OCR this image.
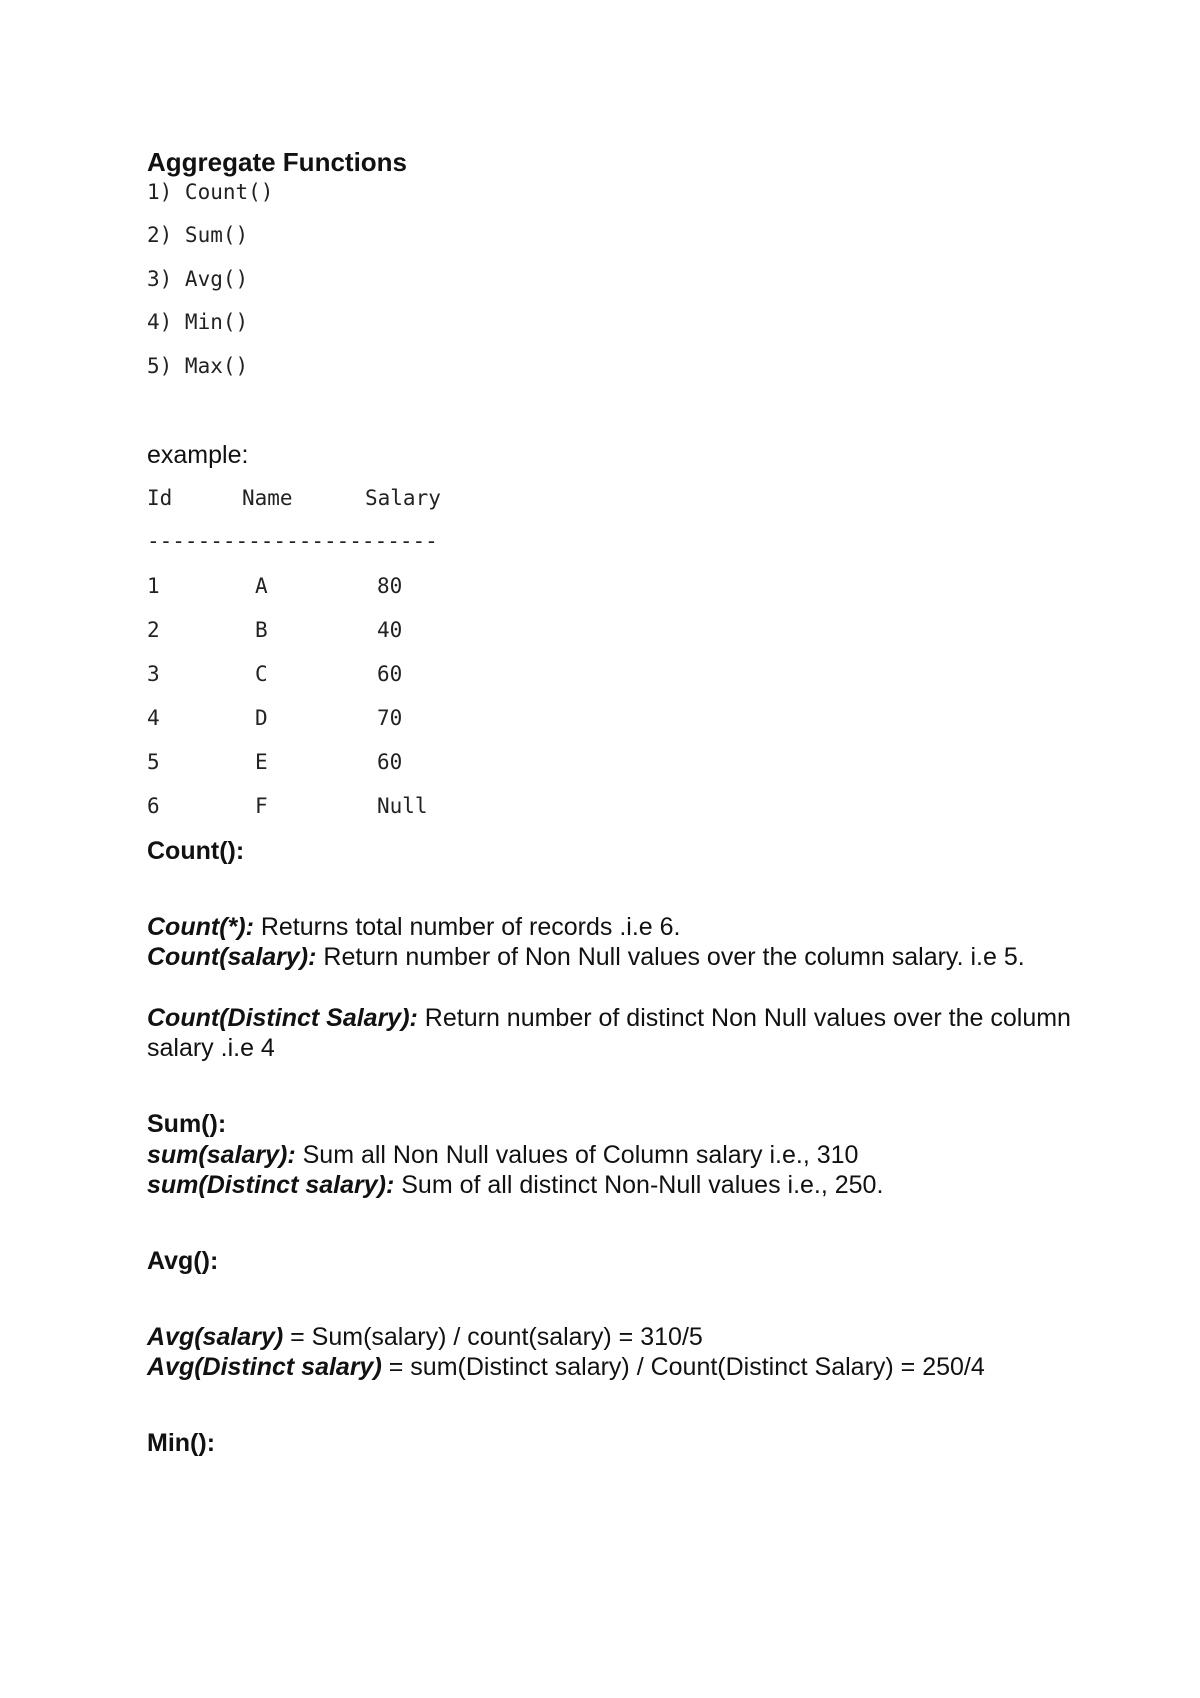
Aggregate Functions
1) Count()
2) Sum()
3) Avg()
4) Min()
5) Max()
example:
Id	Name	Salary
-----------------------
1	A	80
2	B	40
3	C	60
4	D	70
5	E	60
6	F	Null
Count():
Count(*): Returns total number of records .i.e 6.
Count(salary): Return number of Non Null values over the column salary. i.e 5.
Count(Distinct Salary): Return number of distinct Non Null values over the column salary .i.e 4
Sum():
sum(salary): Sum all Non Null values of Column salary i.e., 310
sum(Distinct salary): Sum of all distinct Non-Null values i.e., 250.
Avg():
Avg(salary) = Sum(salary) / count(salary) = 310/5
Avg(Distinct salary) = sum(Distinct salary) / Count(Distinct Salary) = 250/4
Min():
